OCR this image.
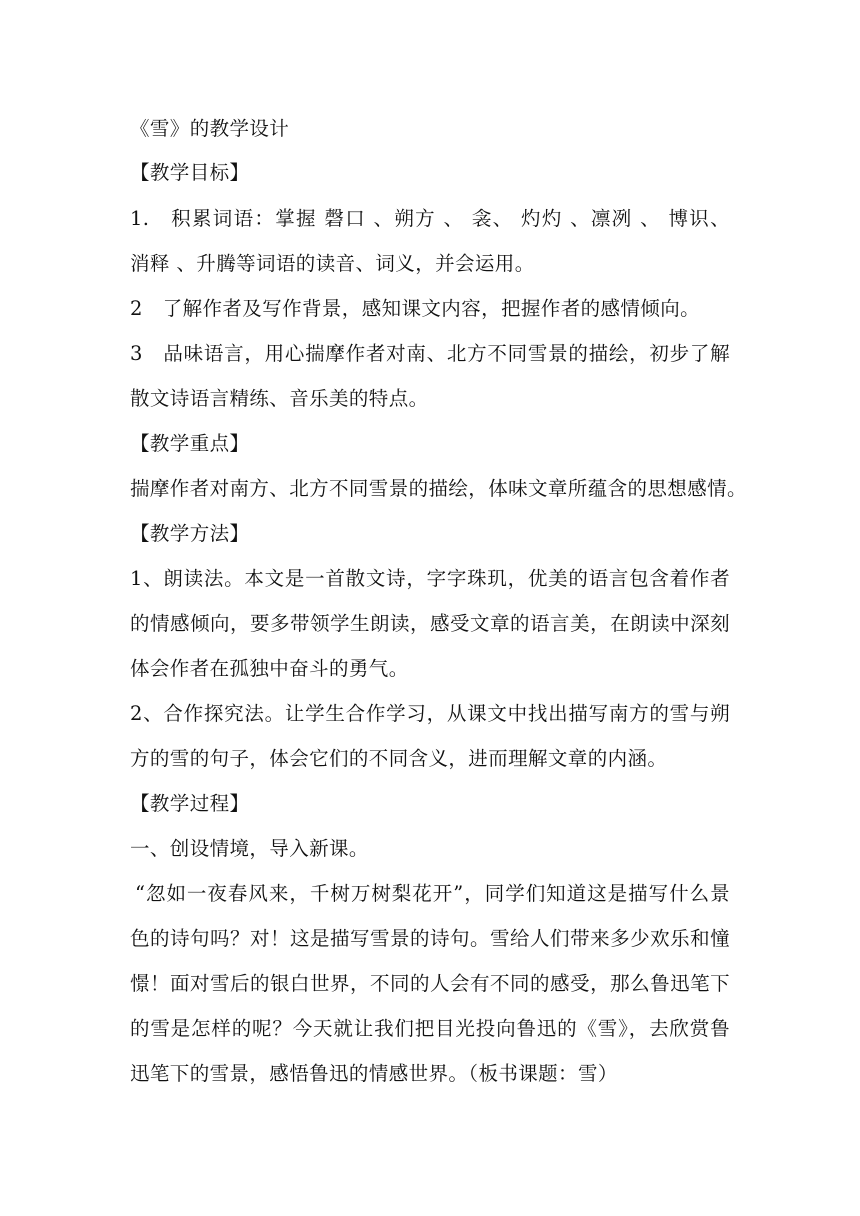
《雪》的教学设计
【教学目标】
1.　积累词语：掌握 磬口 、朔方 、 衾、 灼灼 、凛冽 、 博识、
消释 、升腾等词语的读音、词义，并会运用。
2　了解作者及写作背景，感知课文内容，把握作者的感情倾向。
3　品味语言，用心揣摩作者对南、北方不同雪景的描绘，初步了解
散文诗语言精练、音乐美的特点。
【教学重点】
揣摩作者对南方、北方不同雪景的描绘，体味文章所蕴含的思想感情。
【教学方法】
1、朗读法。本文是一首散文诗，字字珠玑，优美的语言包含着作者
的情感倾向，要多带领学生朗读，感受文章的语言美，在朗读中深刻
体会作者在孤独中奋斗的勇气。
2、合作探究法。让学生合作学习，从课文中找出描写南方的雪与朔
方的雪的句子，体会它们的不同含义，进而理解文章的内涵。
【教学过程】
一、创设情境，导入新课。
“忽如一夜春风来，千树万树梨花开”，同学们知道这是描写什么景
色的诗句吗？对！这是描写雪景的诗句。雪给人们带来多少欢乐和憧
憬！面对雪后的银白世界，不同的人会有不同的感受，那么鲁迅笔下
的雪是怎样的呢？今天就让我们把目光投向鲁迅的《雪》，去欣赏鲁
迅笔下的雪景，感悟鲁迅的情感世界。（板书课题：雪）
